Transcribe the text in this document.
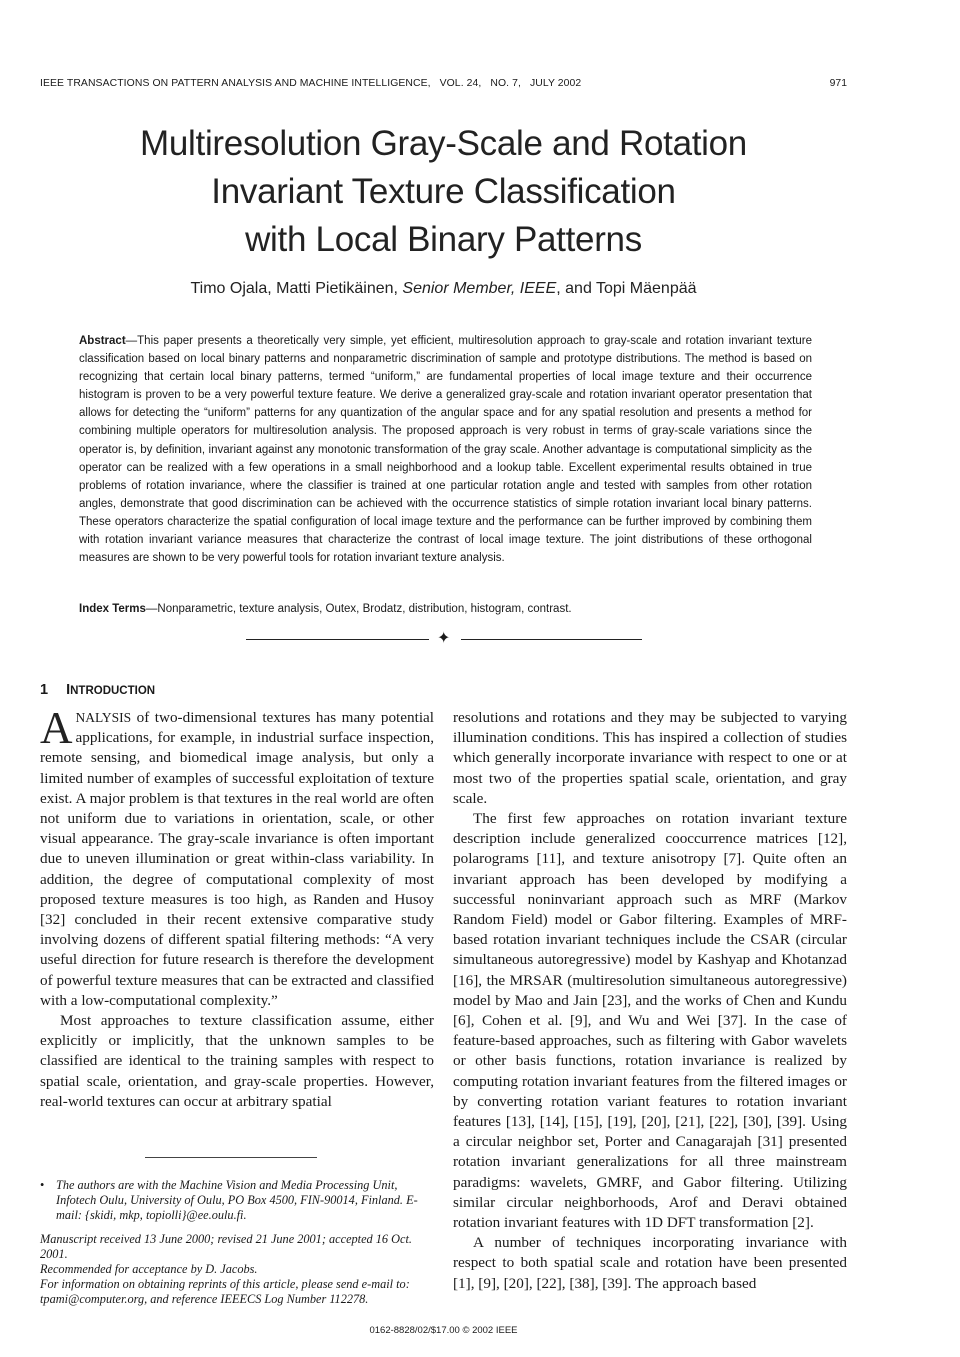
IEEE TRANSACTIONS ON PATTERN ANALYSIS AND MACHINE INTELLIGENCE,   VOL. 24,   NO. 7,   JULY 2002	971
Multiresolution Gray-Scale and Rotation
Invariant Texture Classification
with Local Binary Patterns
Timo Ojala, Matti Pietikäinen, Senior Member, IEEE, and Topi Mäenpää
Abstract—This paper presents a theoretically very simple, yet efficient, multiresolution approach to gray-scale and rotation invariant texture classification based on local binary patterns and nonparametric discrimination of sample and prototype distributions. The method is based on recognizing that certain local binary patterns, termed “uniform,” are fundamental properties of local image texture and their occurrence histogram is proven to be a very powerful texture feature. We derive a generalized gray-scale and rotation invariant operator presentation that allows for detecting the “uniform” patterns for any quantization of the angular space and for any spatial resolution and presents a method for combining multiple operators for multiresolution analysis. The proposed approach is very robust in terms of gray-scale variations since the operator is, by definition, invariant against any monotonic transformation of the gray scale. Another advantage is computational simplicity as the operator can be realized with a few operations in a small neighborhood and a lookup table. Excellent experimental results obtained in true problems of rotation invariance, where the classifier is trained at one particular rotation angle and tested with samples from other rotation angles, demonstrate that good discrimination can be achieved with the occurrence statistics of simple rotation invariant local binary patterns. These operators characterize the spatial configuration of local image texture and the performance can be further improved by combining them with rotation invariant variance measures that characterize the contrast of local image texture. The joint distributions of these orthogonal measures are shown to be very powerful tools for rotation invariant texture analysis.
Index Terms—Nonparametric, texture analysis, Outex, Brodatz, distribution, histogram, contrast.
✦
1 INTRODUCTION

ANALYSIS of two-dimensional textures has many potential applications, for example, in industrial surface inspection, remote sensing, and biomedical image analysis, but only a limited number of examples of successful exploitation of texture exist. A major problem is that textures in the real world are often not uniform due to variations in orientation, scale, or other visual appearance. The gray-scale invariance is often important due to uneven illumination or great within-class variability. In addition, the degree of computational complexity of most proposed texture measures is too high, as Randen and Husoy [32] concluded in their recent extensive comparative study involving dozens of different spatial filtering methods: “A very useful direction for future research is therefore the development of powerful texture measures that can be extracted and classified with a low-computational complexity.”

Most approaches to texture classification assume, either explicitly or implicitly, that the unknown samples to be classified are identical to the training samples with respect to spatial scale, orientation, and gray-scale properties. However, real-world textures can occur at arbitrary spatial

resolutions and rotations and they may be subjected to varying illumination conditions. This has inspired a collection of studies which generally incorporate invariance with respect to one or at most two of the properties spatial scale, orientation, and gray scale.

The first few approaches on rotation invariant texture description include generalized cooccurrence matrices [12], polarograms [11], and texture anisotropy [7]. Quite often an invariant approach has been developed by modifying a successful noninvariant approach such as MRF (Markov Random Field) model or Gabor filtering. Examples of MRF-based rotation invariant techniques include the CSAR (circular simultaneous autoregressive) model by Kashyap and Khotanzad [16], the MRSAR (multiresolution simultaneous autoregressive) model by Mao and Jain [23], and the works of Chen and Kundu [6], Cohen et al. [9], and Wu and Wei [37]. In the case of feature-based approaches, such as filtering with Gabor wavelets or other basis functions, rotation invariance is realized by computing rotation invariant features from the filtered images or by converting rotation variant features to rotation invariant features [13], [14], [15], [19], [20], [21], [22], [30], [39]. Using a circular neighbor set, Porter and Canagarajah [31] presented rotation invariant generalizations for all three mainstream paradigms: wavelets, GMRF, and Gabor filtering. Utilizing similar circular neighborhoods, Arof and Deravi obtained rotation invariant features with 1D DFT transformation [2].

A number of techniques incorporating invariance with respect to both spatial scale and rotation have been presented [1], [9], [20], [22], [38], [39]. The approach based

• The authors are with the Machine Vision and Media Processing Unit, Infotech Oulu, University of Oulu, PO Box 4500, FIN-90014, Finland. E-mail: {skidi, mkp, topiolli}@ee.oulu.fi.

Manuscript received 13 June 2000; revised 21 June 2001; accepted 16 Oct. 2001.

Recommended for acceptance by D. Jacobs.

For information on obtaining reprints of this article, please send e-mail to: tpami@computer.org, and reference IEEECS Log Number 112278.

0162-8828/02/$17.00 © 2002 IEEE
